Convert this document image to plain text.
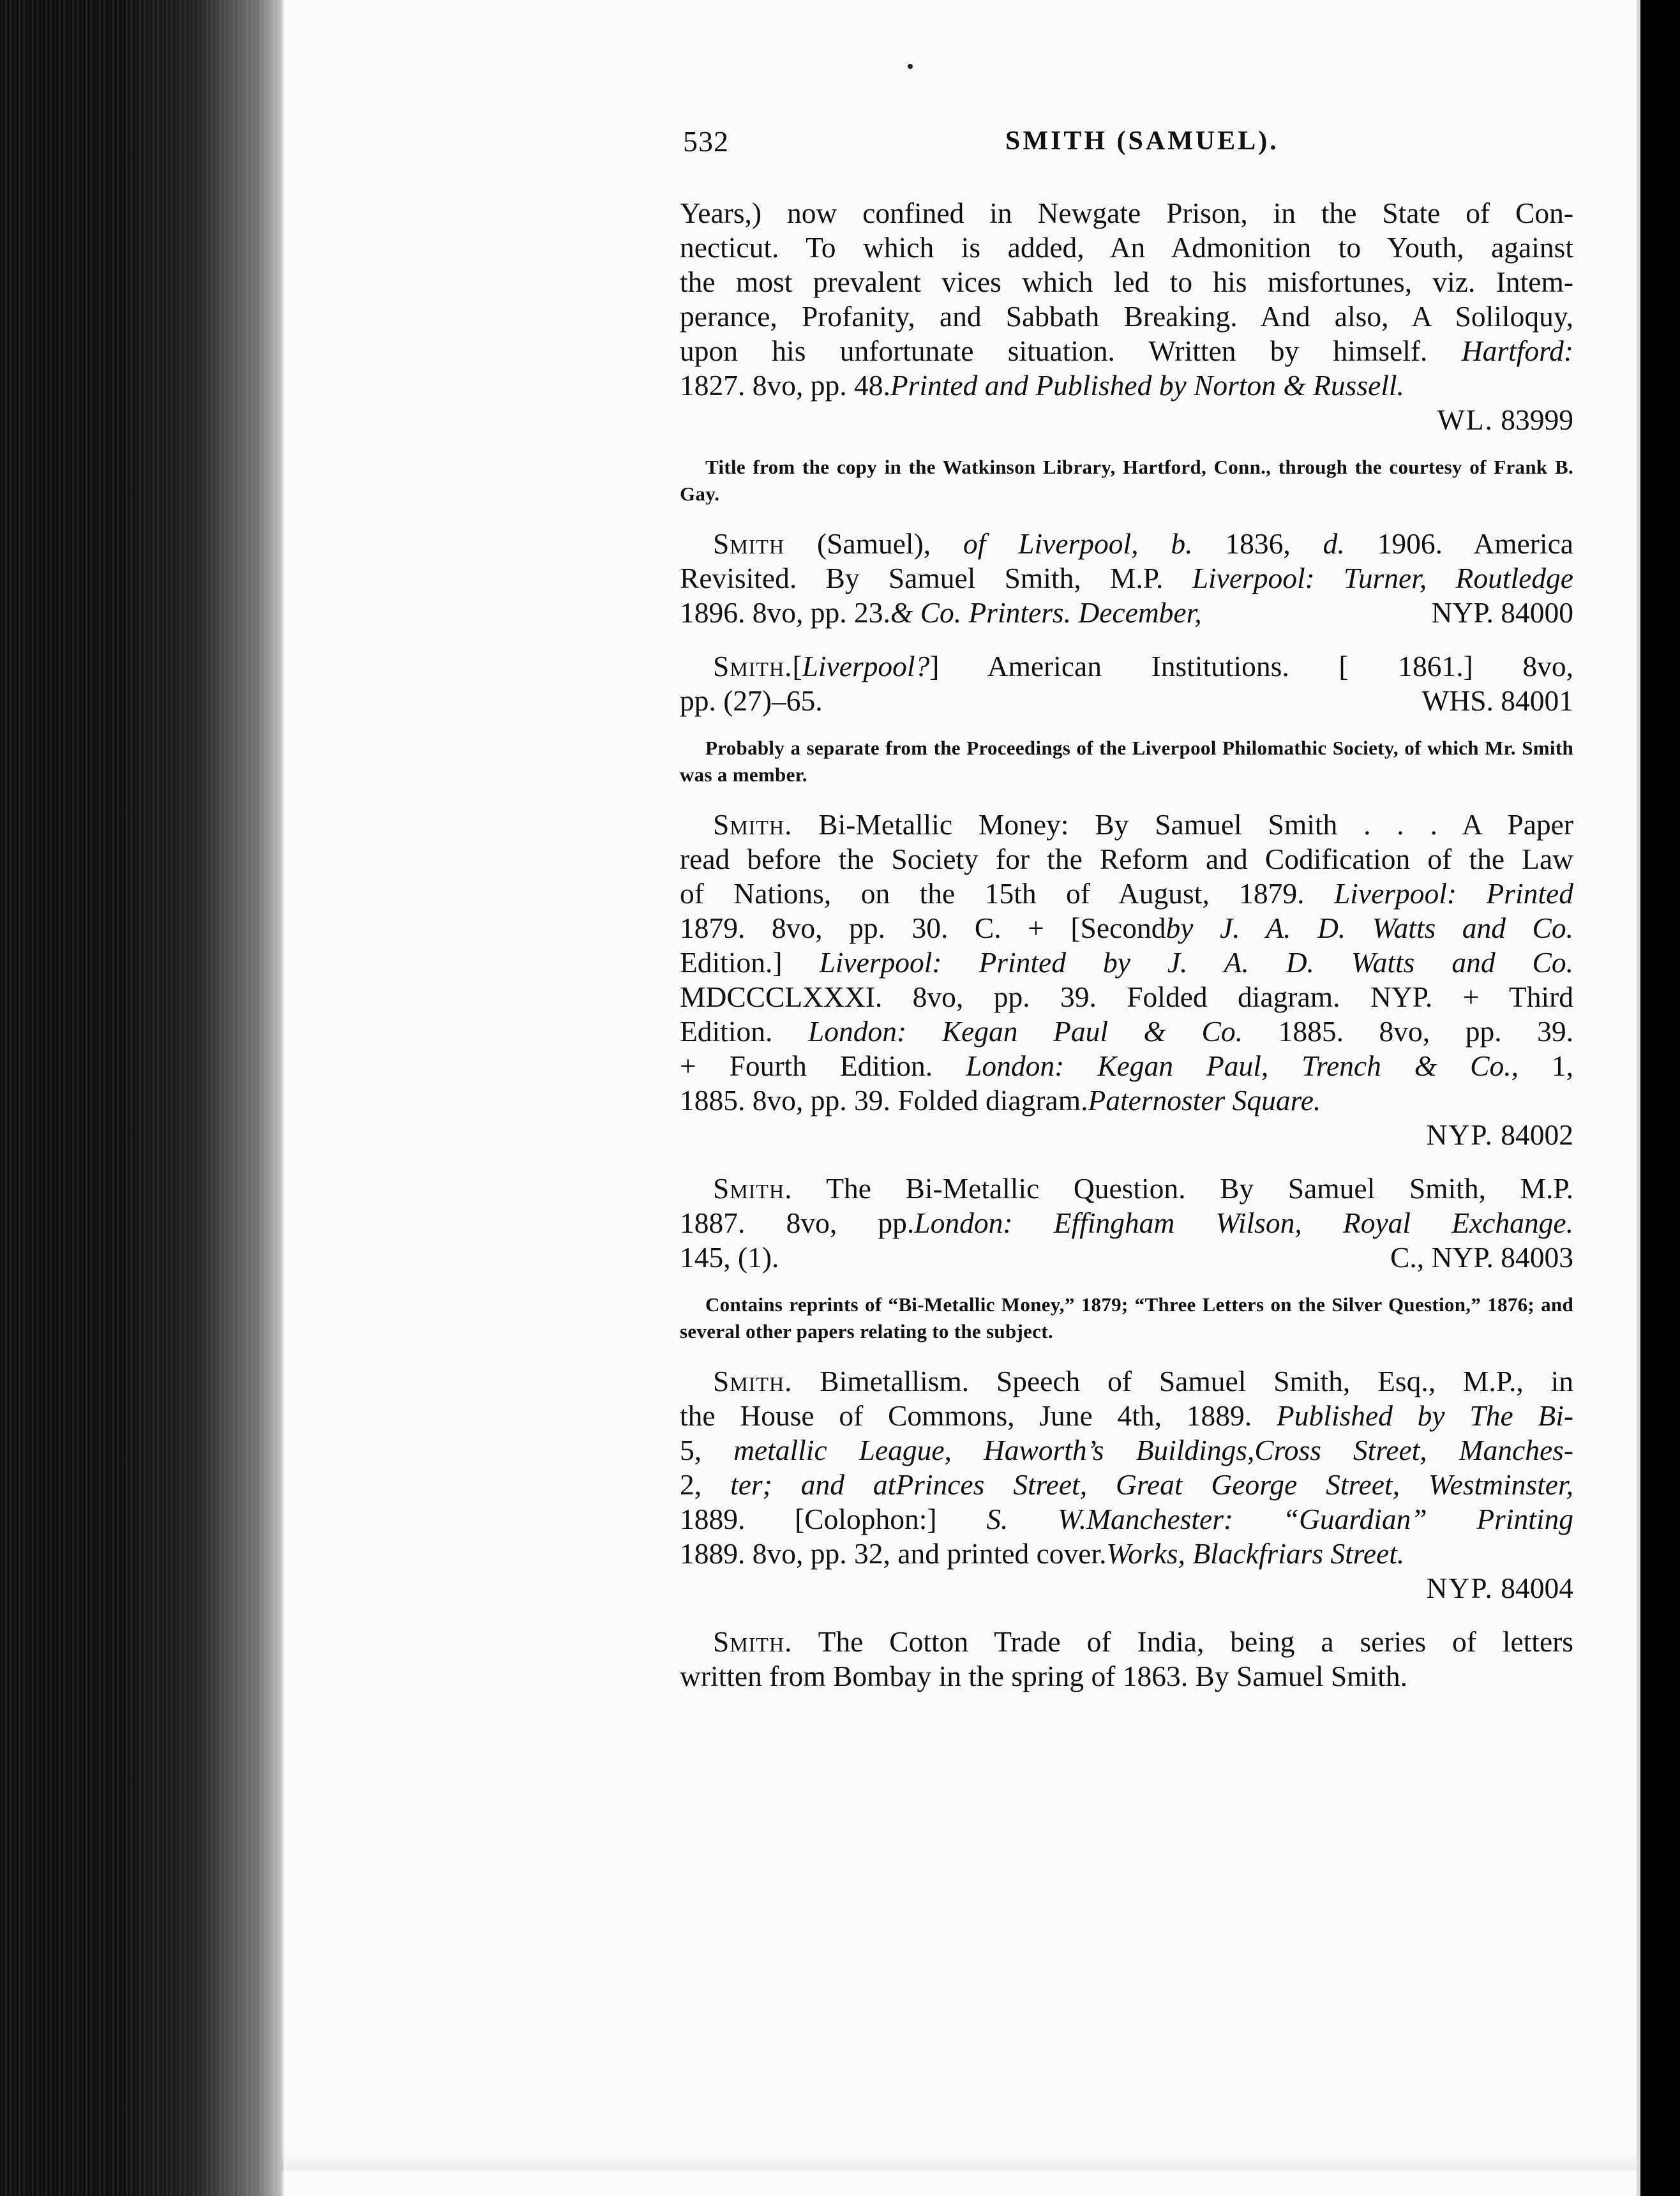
532	SMITH (SAMUEL).

Years,) now confined in Newgate Prison, in the State of Con-

necticut. To which is added, An Admonition to Youth, against

the most prevalent vices which led to his misfortunes, viz. Intem-

perance, Profanity, and Sabbath Breaking. And also, A Soliloquy,

upon his unfortunate situation. Written by himself. Hartford:

1827. 8vo, pp. 48.Printed and Published by Norton & Russell.

WL. 83999

Title from the copy in the Watkinson Library, Hartford, Conn., through the courtesy of Frank B. Gay.

Smith (Samuel), of Liverpool, b. 1836, d. 1906. America

Revisited. By Samuel Smith, M.P. Liverpool: Turner, Routledge

1896. 8vo, pp. 23.& Co. Printers. December,	NYP. 84000

Smith.[Liverpool?] American Institutions. [ 1861.] 8vo,

pp. (27)–65.	WHS. 84001

Probably a separate from the Proceedings of the Liverpool Philomathic Society, of which Mr. Smith was a member.

Smith. Bi-Metallic Money: By Samuel Smith . . . A Paper

read before the Society for the Reform and Codification of the Law

of Nations, on the 15th of August, 1879. Liverpool: Printed

1879. 8vo, pp. 30. C. + [Secondby J. A. D. Watts and Co.

Edition.] Liverpool: Printed by J. A. D. Watts and Co.

MDCCCLXXXI. 8vo, pp. 39. Folded diagram. NYP. + Third

Edition. London: Kegan Paul & Co. 1885. 8vo, pp. 39.

+ Fourth Edition. London: Kegan Paul, Trench & Co., 1,

1885. 8vo, pp. 39. Folded diagram.Paternoster Square.

NYP. 84002

Smith. The Bi-Metallic Question. By Samuel Smith, M.P.

1887. 8vo, pp.London: Effingham Wilson, Royal Exchange.

145, (1).	C., NYP. 84003

Contains reprints of “Bi-Metallic Money,” 1879; “Three Letters on the Silver Question,” 1876; and several other papers relating to the subject.

Smith. Bimetallism. Speech of Samuel Smith, Esq., M.P., in

the House of Commons, June 4th, 1889. Published by The Bi-

5, metallic League, Haworth’s Buildings,Cross Street, Manches-

2, ter; and atPrinces Street, Great George Street, Westminster,

1889. [Colophon:] S. W.Manchester: “Guardian” Printing

1889. 8vo, pp. 32, and printed cover.Works, Blackfriars Street.

NYP. 84004

Smith. The Cotton Trade of India, being a series of letters

written from Bombay in the spring of 1863. By Samuel Smith.
